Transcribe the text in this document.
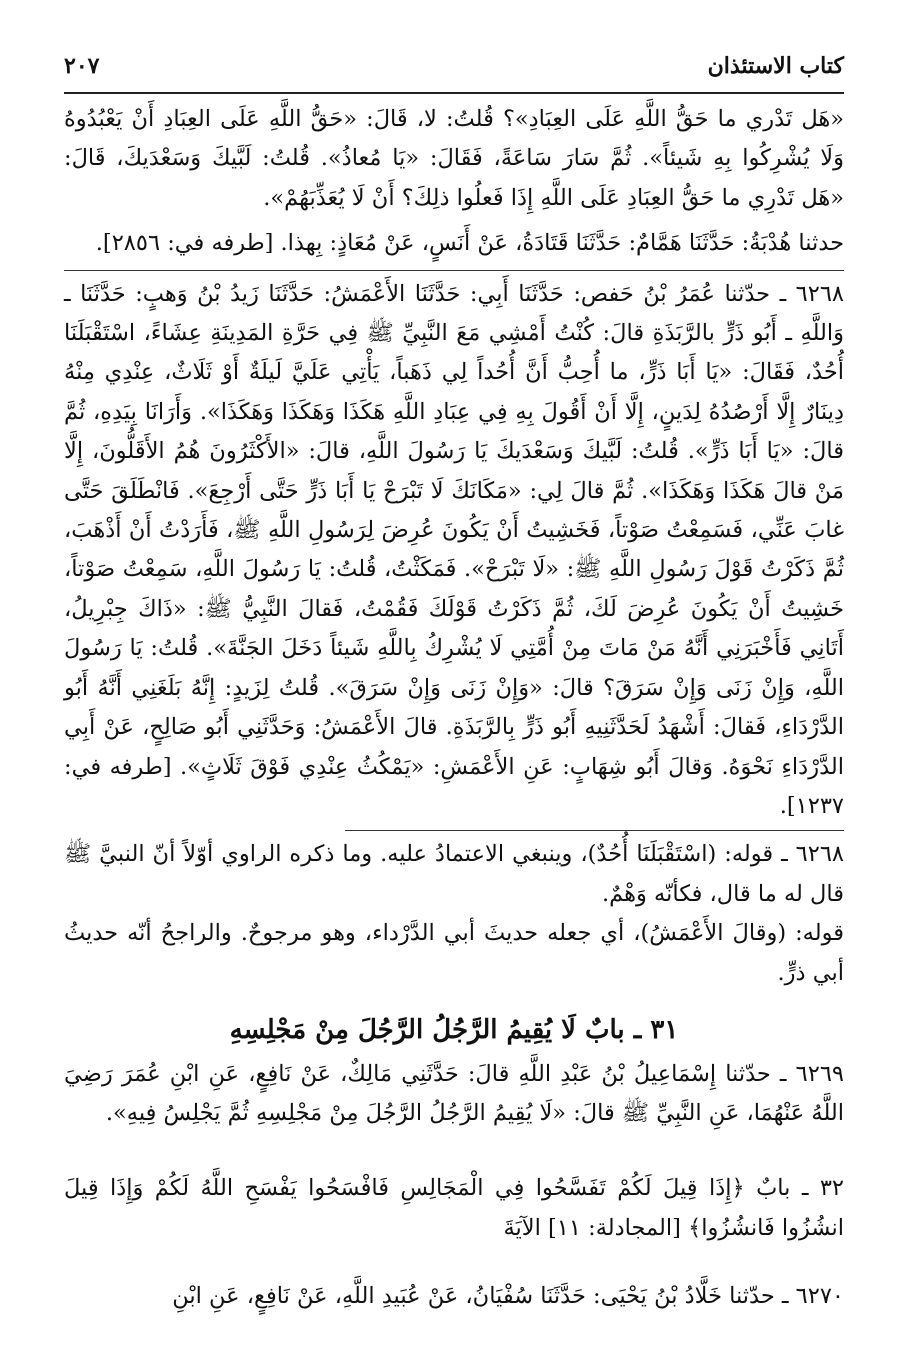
كتاب الاستئذان
٢٠٧

«هَل تَدْري ما حَقُّ اللَّهِ عَلَى العِبَادِ»؟ قُلتُ: لا، قَالَ: «حَقُّ اللَّهِ عَلَى العِبَادِ أَنْ يَعْبُدُوهُ وَلَا يُشْرِكُوا بِهِ شَيئاً». ثُمَّ سَارَ سَاعَةً، فَقَالَ: «يَا مُعاذُ». قُلتُ: لَبَّيكَ وَسَعْدَيكَ، قَالَ: «هَل تَدْرِي ما حَقُّ العِبَادِ عَلَى اللَّهِ إِذَا فَعلُوا ذلِكَ؟ أَنْ لَا يُعَذِّبَهُمْ».

حدثنا هُدْبَةُ: حَدَّثَنَا هَمَّامٌ: حَدَّثَنَا قَتَادَةُ، عَنْ أَنَسٍ، عَنْ مُعَاذٍ: بِهذا. [طرفه في: ٢٨٥٦].

٦٢٦٨ ـ حدّثنا عُمَرُ بْنُ حَفص: حَدَّثَنَا أَبِي: حَدَّثَنَا الأَعْمَشُ: حَدَّثَنَا زَيدُ بْنُ وَهبٍ: حَدَّثَنَا ـ وَاللَّهِ ـ أَبُو ذَرٍّ بالرَّبَذَةِ قالَ: كُنْتُ أَمْشِي مَعَ النَّبِيِّ ﷺ فِي حَرَّةِ المَدِينَةِ عِشَاءً، اسْتَقْبَلَنَا أُحُدٌ، فَقَالَ: «يَا أَبَا ذَرٍّ، ما أُحِبُّ أَنَّ أُحُداً لِي ذَهَباً، يَأْتِي عَلَيَّ لَيلَةٌ أَوْ ثَلَاثٌ، عِنْدِي مِنْهُ دِينَارٌ إِلَّا أَرْصُدُهُ لِدَينٍ، إِلَّا أَنْ أَقُولَ بِهِ فِي عِبَادِ اللَّهِ هَكَذَا وَهَكَذَا وَهَكَذَا». وَأَرَانَا بِيَدِهِ، ثُمَّ قالَ: «يَا أَبَا ذَرٍّ». قُلتُ: لَبَّيكَ وَسَعْدَيكَ يَا رَسُولَ اللَّهِ، قالَ: «الأَكْثَرُونَ هُمُ الأَقَلُّونَ، إِلَّا مَنْ قالَ هَكَذَا وَهَكَذَا». ثُمَّ قالَ لِي: «مَكَانَكَ لَا تَبْرَحْ يَا أَبَا ذَرٍّ حَتَّى أَرْجِعَ». فَانْطَلَقَ حَتَّى غابَ عَنِّي، فَسَمِعْتُ صَوْتاً، فَخَشِيتُ أَنْ يَكُونَ عُرِضَ لِرَسُولِ اللَّهِ ﷺ، فَأَرَدْتُ أَنْ أَذْهَبَ، ثُمَّ ذَكَرْتُ قَوْلَ رَسُولِ اللَّهِ ﷺ: «لَا تَبْرَحْ». فَمَكَثْتُ، قُلتُ: يَا رَسُولَ اللَّهِ، سَمِعْتُ صَوْتاً، خَشِيتُ أَنْ يَكُونَ عُرِضَ لَكَ، ثُمَّ ذَكَرْتُ قَوْلَكَ فَقُمْتُ، فَقالَ النَّبِيُّ ﷺ: «ذَاكَ جِبْرِيلُ، أَتَانِي فَأَخْبَرَنِي أَنَّهُ مَنْ مَاتَ مِنْ أُمَّتِي لَا يُشْرِكُ بِاللَّهِ شَيئاً دَخَلَ الجَنَّةَ». قُلتُ: يَا رَسُولَ اللَّهِ، وَإِنْ زَنَى وَإِنْ سَرَقَ؟ قالَ: «وَإِنْ زَنَى وَإِنْ سَرَقَ». قُلتُ لِزَيدٍ: إِنَّهُ بَلَغَنِي أَنَّهُ أَبُو الدَّرْدَاءِ، فَقالَ: أَشْهَدُ لَحَدَّثَنِيهِ أَبُو ذَرٍّ بِالرَّبَذَةِ. قالَ الأَعْمَشُ: وَحَدَّثَنِي أَبُو صَالِحٍ، عَنْ أَبِي الدَّرْدَاءِ نَحْوَهُ. وَقالَ أَبُو شِهَابٍ: عَنِ الأَعْمَشِ: «يَمْكُثُ عِنْدِي فَوْقَ ثَلَاثٍ». [طرفه في: ١٢٣٧].

٦٢٦٨ ـ قوله: (اسْتَقْبَلَنَا أُحُدٌ)، وينبغي الاعتمادُ عليه. وما ذكره الراوي أوّلاً أنّ النبيَّ ﷺ قال له ما قال، فكأنّه وَهْمٌ.

قوله: (وقالَ الأَعْمَشُ)، أي جعله حديثَ أبي الدَّرْداء، وهو مرجوحٌ. والراجحُ أنّه حديثُ أبي ذرٍّ.

٣١ ـ بابٌ لَا يُقِيمُ الرَّجُلُ الرَّجُلَ مِنْ مَجْلِسِهِ

٦٢٦٩ ـ حدّثنا إِسْمَاعِيلُ بْنُ عَبْدِ اللَّهِ قالَ: حَدَّثَنِي مَالِكٌ، عَنْ نَافِعٍ، عَنِ ابْنِ عُمَرَ رَضِيَ اللَّهُ عَنْهُمَا، عَنِ النَّبِيِّ ﷺ قالَ: «لَا يُقِيمُ الرَّجُلُ الرَّجُلَ مِنْ مَجْلِسِهِ ثُمَّ يَجْلِسُ فِيهِ».

٣٢ ـ بابٌ ﴿إِذَا قِيلَ لَكُمْ تَفَسَّحُوا فِي الْمَجَالِسِ فَافْسَحُوا يَفْسَحِ اللَّهُ لَكُمْ وَإِذَا قِيلَ انشُزُوا فَانشُزُوا﴾ [المجادلة: ١١] الآيَةَ

٦٢٧٠ ـ حدّثنا خَلَّادُ بْنُ يَحْيَى: حَدَّثَنَا سُفْيَانُ، عَنْ عُبَيدِ اللَّهِ، عَنْ نَافِعٍ، عَنِ ابْنِ
